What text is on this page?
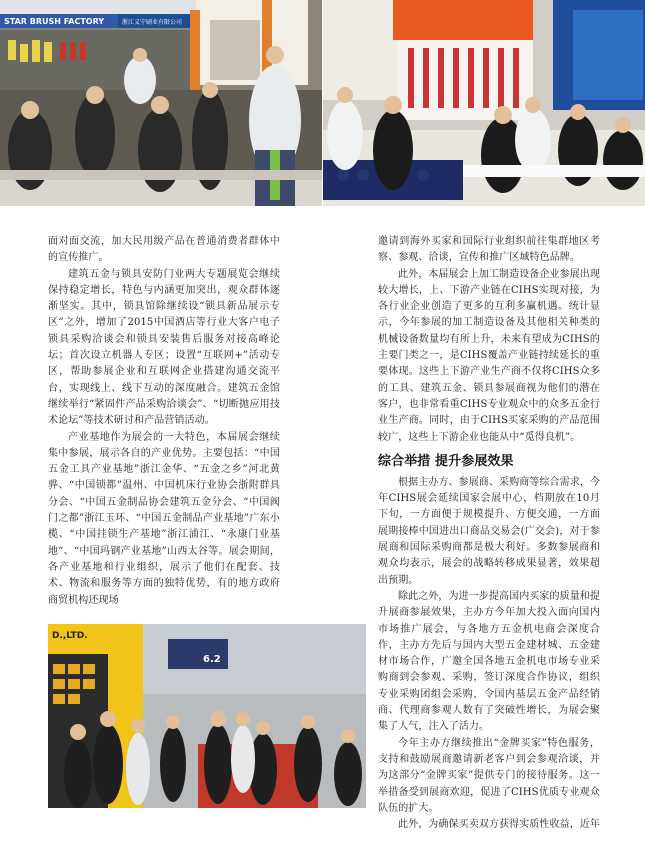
STAR BRUSH FACTORY	浙江义宁刷业有限公司

面对面交流，加大民用级产品在普通消费者群体中的宣传推广。

建筑五金与锁具安防门业两大专题展览会继续保持稳定增长，特色与内涵更加突出，观众群体逐渐坚实。其中，锁具馆除继续设“锁具新品展示专区”之外，增加了2015中国酒店等行业大客户电子锁具采购洽谈会和锁具安装售后服务对接高峰论坛；首次设立机器人专区；设置“互联网+”活动专区，帮助参展企业和互联网企业搭建沟通交流平台，实现线上、线下互动的深度融合。建筑五金馆继续举行“紧固件产品采购洽谈会”、“切断抛应用技术论坛”等技术研讨和产品营销活动。

产业基地作为展会的一大特色，本届展会继续集中参展，展示各自的产业优势。主要包括：“中国五金工具产业基地”浙江金华、“五金之乡”河北黄骅、“中国锁都”温州、中国机床行业协会浙附群具分会、“中国五金制品协会建筑五金分会、“中国阀门之都”浙江玉环、“中国五金制品产业基地”广东小榄、“中国挂锁生产基地”浙江浦江、“永康门业基地”、“中国玛钢产业基地”山西太谷等。展会期间，各产业基地和行业组织，展示了他们在配套、技术、物流和服务等方面的独特优势，有的地方政府商贸机构还现场

D.,LTD.
6.2

邀请到海外买家和国际行业组织前往集群地区考察、参观、洽谈，宣传和推广区域特色品牌。

此外，本届展会上加工制造设备企业参展出现较大增长，上、下游产业链在CIHS实现对接，为各行业企业创造了更多的互利多赢机遇。统计显示，今年参展的加工制造设备及其他相关种类的机械设备数量均有所上升，未来有望成为CIHS的主要门类之一，是CIHS覆盖产业链持续延长的重要体现。这些上下游产业生产商不仅将CIHS众多的工具、建筑五金、锁具参展商视为他们的潜在客户，也非常看重CIHS专业观众中的众多五金行业生产商。同时，由于CIHS买家采购的产品范围较广，这些上下游企业也能从中“觅得良机”。

综合举措 提升参展效果

根据主办方、参展商、采购商等综合需求，今年CIHS展会延续国家会展中心，档期放在10月下旬，一方面便于规模提升、方便交通，一方面展期接棒中国进出口商品交易会(广交会)，对于参展商和国际采购商都是极大利好。多数参展商和观众均表示，展会的战略转移成果显著，效果超出预期。

除此之外，为进一步提高国内买家的质量和提升展商参展效果，主办方今年加大投入面向国内市场推广展会，与各地方五金机电商会深度合作，主办方先后与国内大型五金建材城、五金建材市场合作，广邀全国各地五金机电市场专业采购商到会参观、采购，签订深度合作协议，组织专业采购团组会采购，令国内基层五金产品经销商、代理商参观人数有了突破性增长，为展会聚集了人气，注入了活力。

今年主办方继续推出“金牌买家”特色服务，支持和鼓励展商邀请新老客户到会参观洽谈，并为这部分“金牌买家”提供专门的接待服务。这一举措备受到展商欢迎，促进了CIHS优质专业观众队伍的扩大。

此外，为确保买卖双方获得实质性收益，近年
